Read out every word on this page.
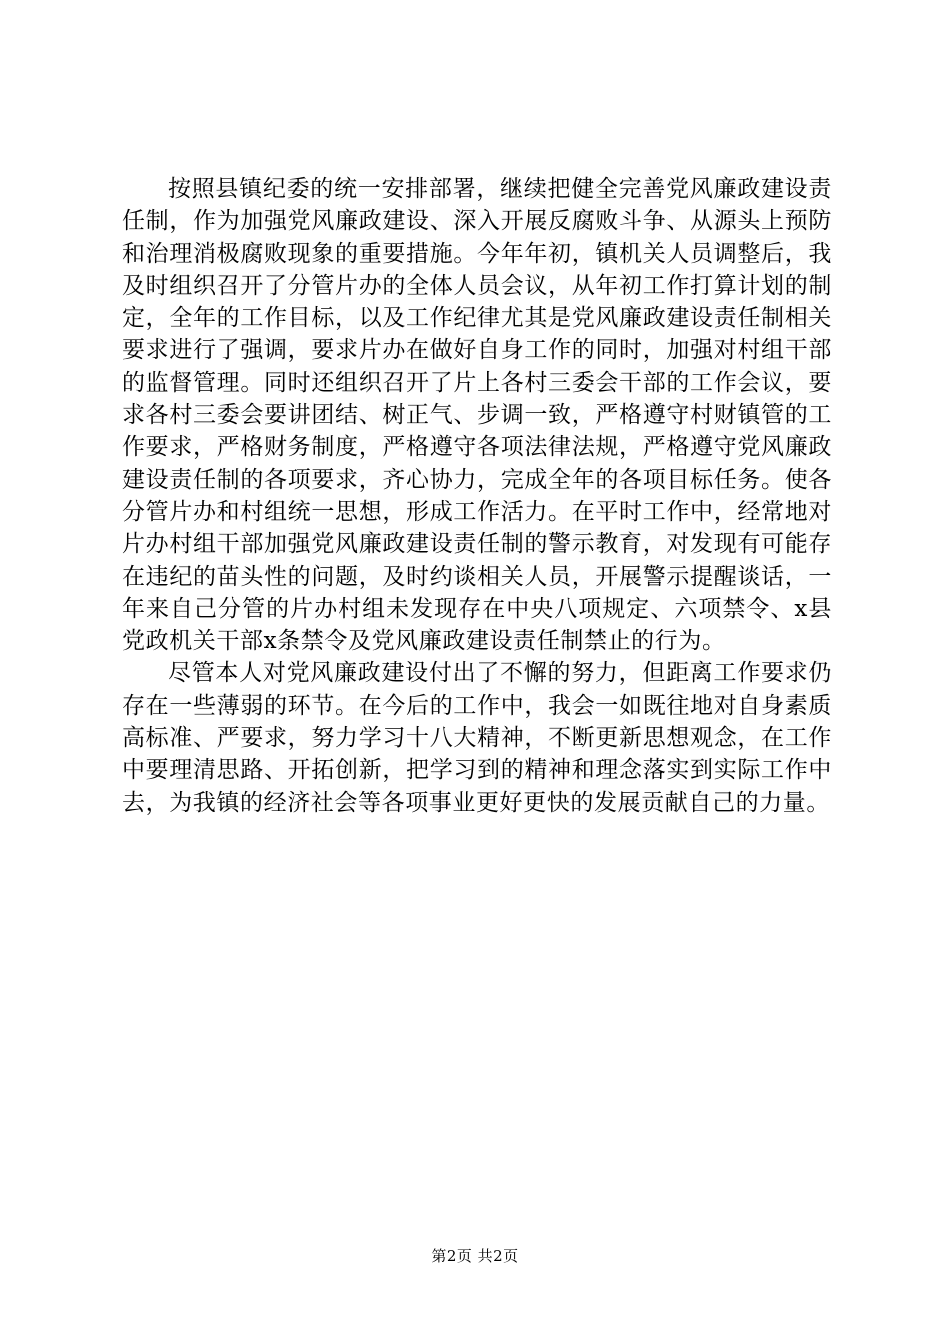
按照县镇纪委的统一安排部署，继续把健全完善党风廉政建设责任制，作为加强党风廉政建设、深入开展反腐败斗争、从源头上预防和治理消极腐败现象的重要措施。今年年初，镇机关人员调整后，我及时组织召开了分管片办的全体人员会议，从年初工作打算计划的制定，全年的工作目标，以及工作纪律尤其是党风廉政建设责任制相关要求进行了强调，要求片办在做好自身工作的同时，加强对村组干部的监督管理。同时还组织召开了片上各村三委会干部的工作会议，要求各村三委会要讲团结、树正气、步调一致，严格遵守村财镇管的工作要求，严格财务制度，严格遵守各项法律法规，严格遵守党风廉政建设责任制的各项要求，齐心协力，完成全年的各项目标任务。使各分管片办和村组统一思想，形成工作活力。在平时工作中，经常地对片办村组干部加强党风廉政建设责任制的警示教育，对发现有可能存在违纪的苗头性的问题，及时约谈相关人员，开展警示提醒谈话，一年来自己分管的片办村组未发现存在中央八项规定、六项禁令、x县党政机关干部x条禁令及党风廉政建设责任制禁止的行为。

尽管本人对党风廉政建设付出了不懈的努力，但距离工作要求仍存在一些薄弱的环节。在今后的工作中，我会一如既往地对自身素质高标准、严要求，努力学习十八大精神，不断更新思想观念，在工作中要理清思路、开拓创新，把学习到的精神和理念落实到实际工作中去，为我镇的经济社会等各项事业更好更快的发展贡献自己的力量。

第2页 共2页
